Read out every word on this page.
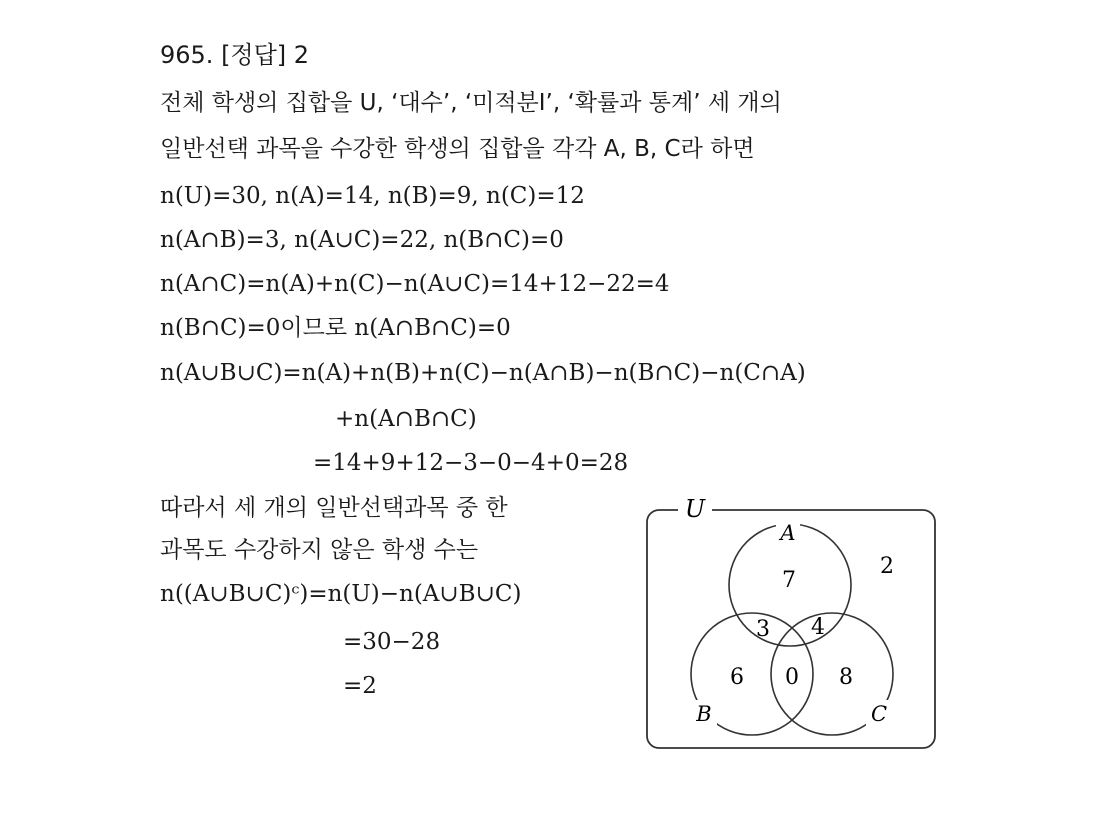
965. [정답] 2
전체 학생의 집합을 U, ‘대수’, ‘미적분Ⅰ’, ‘확률과 통계’ 세 개의
일반선택 과목을 수강한 학생의 집합을 각각 A, B, C라 하면
n(U)=30, n(A)=14, n(B)=9, n(C)=12
n(A∩B)=3, n(A∪C)=22, n(B∩C)=0
n(A∩C)=n(A)+n(C)−n(A∪C)=14+12−22=4
n(B∩C)=0이므로 n(A∩B∩C)=0
n(A∪B∪C)=n(A)+n(B)+n(C)−n(A∩B)−n(B∩C)−n(C∩A)
+n(A∩B∩C)
=14+9+12−3−0−4+0=28
따라서 세 개의 일반선택과목 중 한
과목도 수강하지 않은 학생 수는
n((A∪B∪C)ᶜ)=n(U)−n(A∪B∪C)
=30−28
=2
U
A
B	C
7
3 4
6 0 8
2
